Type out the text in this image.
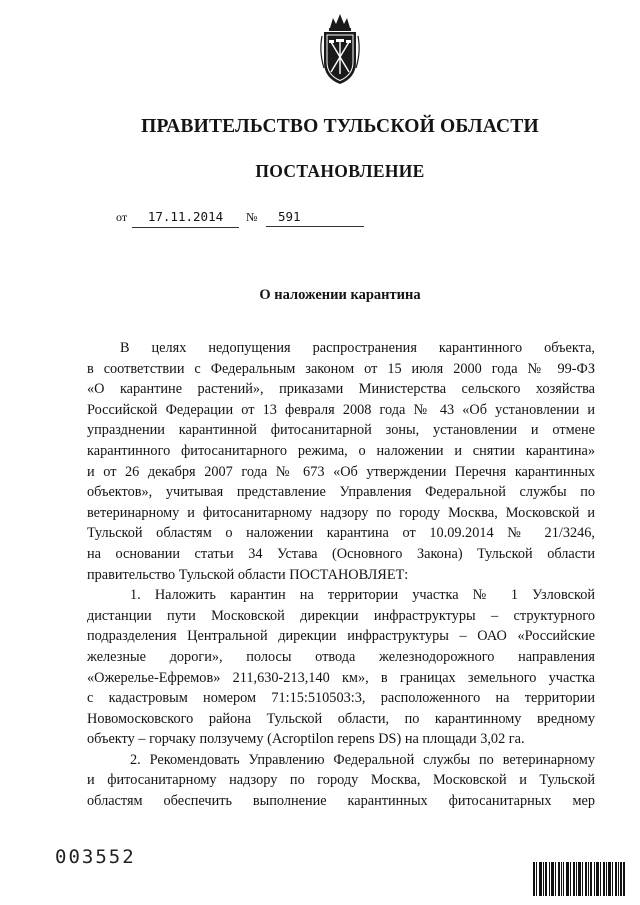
ПРАВИТЕЛЬСТВО ТУЛЬСКОЙ ОБЛАСТИ
ПОСТАНОВЛЕНИЕ
от	17.11.2014	№	591
О наложении карантина
В целях недопущения распространения карантинного объекта,
в соответствии с Федеральным законом от 15 июля 2000 года № 99-ФЗ
«О карантине растений», приказами Министерства сельского хозяйства
Российской Федерации от 13 февраля 2008 года № 43 «Об установлении и
упразднении карантинной фитосанитарной зоны, установлении и отмене
карантинного фитосанитарного режима, о наложении и снятии карантина»
и от 26 декабря 2007 года № 673 «Об утверждении Перечня карантинных
объектов», учитывая представление Управления Федеральной службы по
ветеринарному и фитосанитарному надзору по городу Москва, Московской и
Тульской областям о наложении карантина от 10.09.2014 № 21/3246,
на основании статьи 34 Устава (Основного Закона) Тульской области
правительство Тульской области ПОСТАНОВЛЯЕТ:
1. Наложить карантин на территории участка № 1 Узловской
дистанции пути Московской дирекции инфраструктуры – структурного
подразделения Центральной дирекции инфраструктуры – ОАО «Российские
железные дороги», полосы отвода железнодорожного направления
«Ожерелье-Ефремов» 211,630-213,140 км», в границах земельного участка
с кадастровым номером 71:15:510503:3, расположенного на территории
Новомосковского района Тульской области, по карантинному вредному
объекту – горчаку ползучему (Acroptilon repens DS) на площади 3,02 га.
2. Рекомендовать Управлению Федеральной службы по ветеринарному
и фитосанитарному надзору по городу Москва, Московской и Тульской
областям обеспечить выполнение карантинных фитосанитарных мер
003552
